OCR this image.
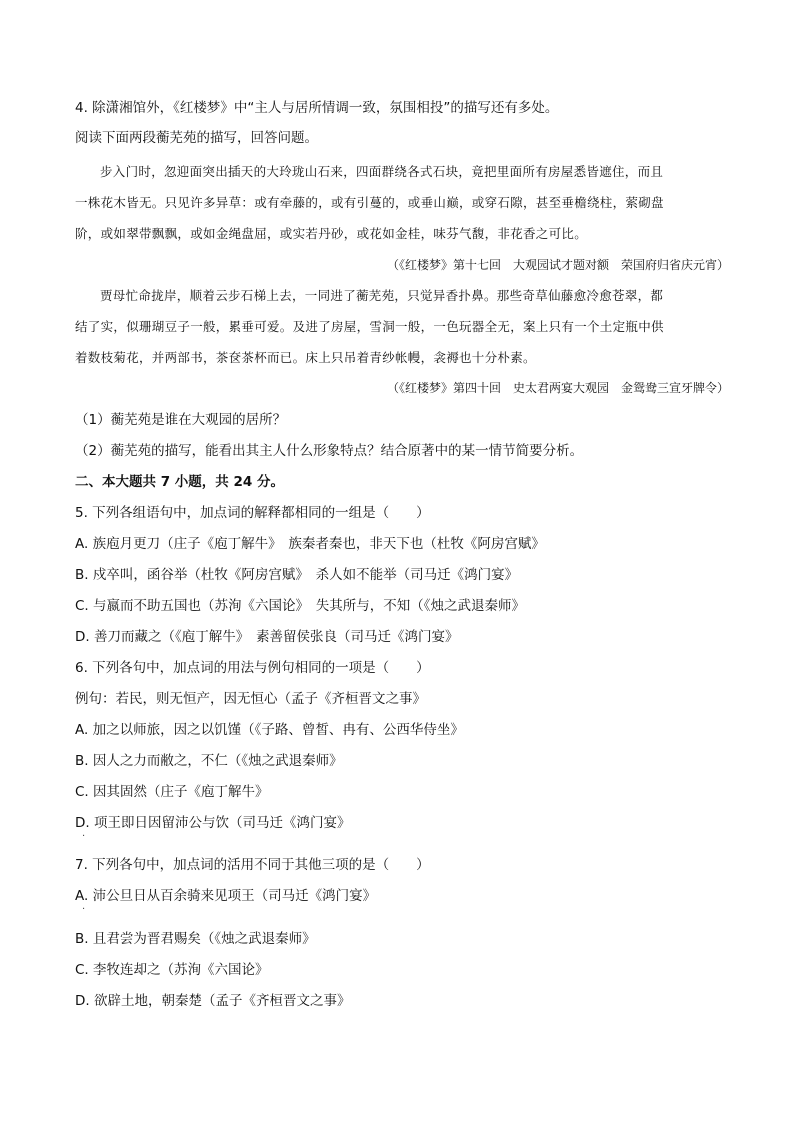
4. 除潇湘馆外，《红楼梦》中“主人与居所情调一致，氛围相投”的描写还有多处。
阅读下面两段蘅芜苑的描写，回答问题。
步入门时，忽迎面突出插天的大玲珑山石来，四面群绕各式石块，竟把里面所有房屋悉皆遮住，而且
一株花木皆无。只见许多异草：或有牵藤的，或有引蔓的，或垂山巅，或穿石隙，甚至垂檐绕柱，萦砌盘
阶，或如翠带飘飘，或如金绳盘屈，或实若丹砂，或花如金桂，味芬气馥，非花香之可比。
（《红楼梦》第十七回　大观园试才题对额　荣国府归省庆元宵）
贾母忙命拢岸，顺着云步石梯上去，一同进了蘅芜苑，只觉异香扑鼻。那些奇草仙藤愈冷愈苍翠，都
结了实，似珊瑚豆子一般，累垂可爱。及进了房屋，雪洞一般，一色玩器全无，案上只有一个土定瓶中供
着数枝菊花，并两部书，茶奁茶杯而已。床上只吊着青纱帐幔，衾褥也十分朴素。
（《红楼梦》第四十回　史太君两宴大观园　金鸳鸯三宣牙牌令）
（1）蘅芜苑是谁在大观园的居所？
（2）蘅芜苑的描写，能看出其主人什么形象特点？结合原著中的某一情节简要分析。
二、本大题共 7 小题，共 24 分。
5. 下列各组语句中，加点词的解释都相同的一组是（　　）
A. 族庖月更刀（庄子《庖丁解牛》　族秦者秦也，非天下也（杜牧《阿房宫赋》
B. 戍卒叫，函谷举（杜牧《阿房宫赋》　杀人如不能举（司马迁《鸿门宴》
C. 与嬴而不助五国也（苏洵《六国论》　失其所与，不知（《烛之武退秦师》
D. 善刀而藏之（《庖丁解牛》　素善留侯张良（司马迁《鸿门宴》
6. 下列各句中，加点词的用法与例句相同的一项是（　　）
例句：若民，则无恒产，因无恒心（孟子《齐桓晋文之事》
A. 加之以师旅，因之以饥馑（《子路、曾皙、冉有、公西华侍坐》
B. 因人之力而敝之，不仁（《烛之武退秦师》
C. 因其固然（庄子《庖丁解牛》
D. 项王即日因留沛公与饮（司马迁《鸿门宴》
·
7. 下列各句中，加点词的活用不同于其他三项的是（　　）
A. 沛公旦日从百余骑来见项王（司马迁《鸿门宴》
·
B. 且君尝为晋君赐矣（《烛之武退秦师》
C. 李牧连却之（苏洵《六国论》
D. 欲辟土地，朝秦楚（孟子《齐桓晋文之事》
